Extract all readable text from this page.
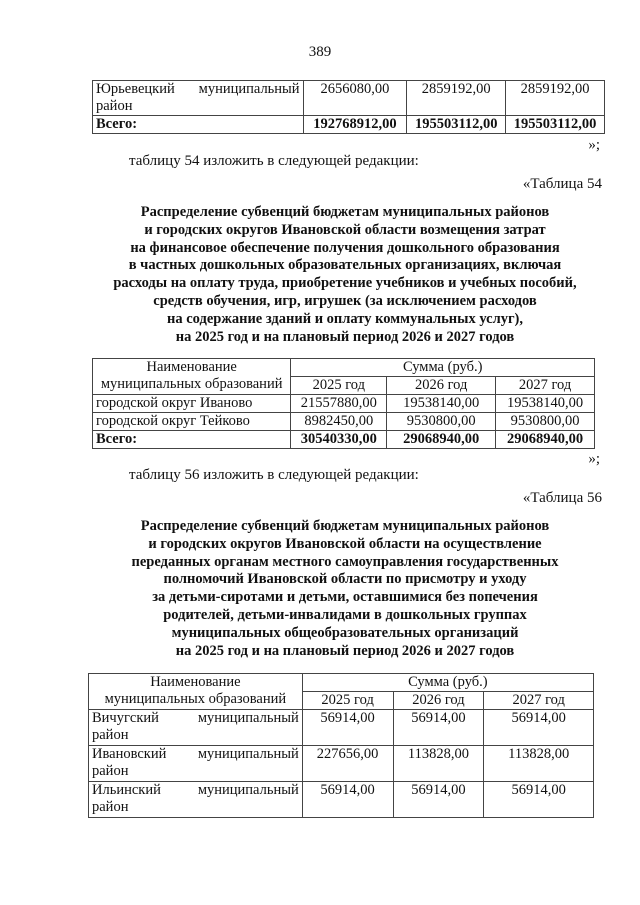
389
Юрьевецкий муниципальный
район	2656080,00	2859192,00	2859192,00
Всего:	192768912,00	195503112,00	195503112,00
»;
таблицу 54 изложить в следующей редакции:
«Таблица 54
Распределение субвенций бюджетам муниципальных районов
и городских округов Ивановской области возмещения затрат
на финансовое обеспечение получения дошкольного образования
в частных дошкольных образовательных организациях, включая
расходы на оплату труда, приобретение учебников и учебных пособий,
средств обучения, игр, игрушек (за исключением расходов
на содержание зданий и оплату коммунальных услуг),
на 2025 год и на плановый период 2026 и 2027 годов
Наименование
муниципальных образований	Сумма (руб.)		
	2025 год	2026 год	2027 год
городской округ Иваново	21557880,00	19538140,00	19538140,00
городской округ Тейково	8982450,00	9530800,00	9530800,00
Всего:	30540330,00	29068940,00	29068940,00
»;
таблицу 56 изложить в следующей редакции:
«Таблица 56
Распределение субвенций бюджетам муниципальных районов
и городских округов Ивановской области на осуществление
переданных органам местного самоуправления государственных
полномочий Ивановской области по присмотру и уходу
за детьми-сиротами и детьми, оставшимися без попечения
родителей, детьми-инвалидами в дошкольных группах
муниципальных общеобразовательных организаций
на 2025 год и на плановый период 2026 и 2027 годов
Наименование
муниципальных образований	Сумма (руб.)		
	2025 год	2026 год	2027 год

Вичугский муниципальный
район	56914,00	56914,00	56914,00

Ивановский муниципальный
район	227656,00	113828,00	113828,00

Ильинский муниципальный
район	56914,00	56914,00	56914,00
